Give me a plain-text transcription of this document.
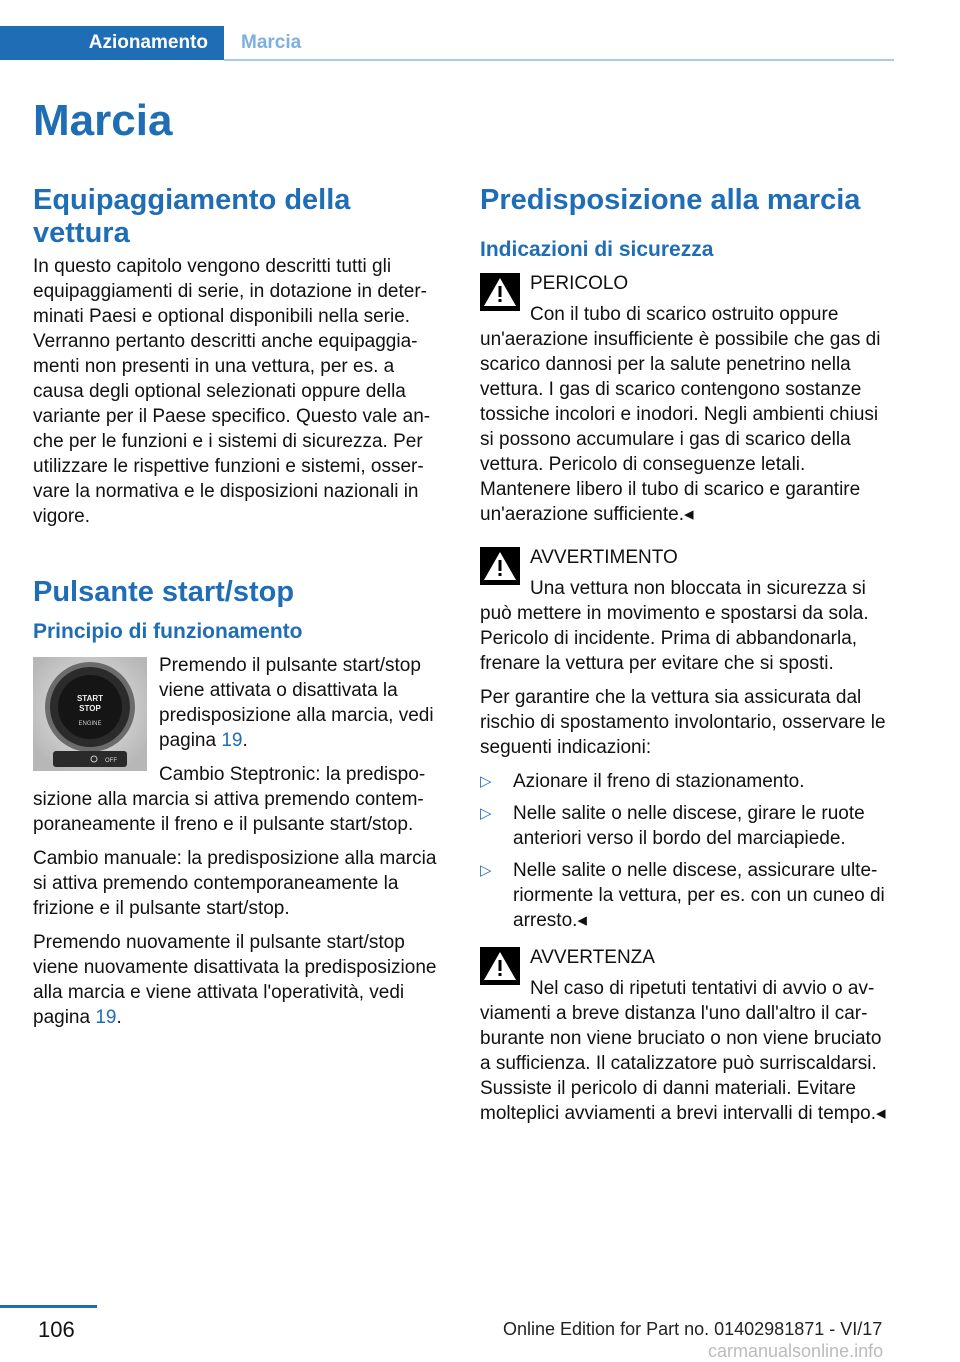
Azionamento	Marcia
Marcia
Equipaggiamento della vettura

In questo capitolo vengono descritti tutti gli equipaggiamenti di serie, in dotazione in determinati Paesi e optional disponibili nella serie. Verranno pertanto descritti anche equipaggiamenti non presenti in una vettura, per es. a causa degli optional selezionati oppure della variante per il Paese specifico. Questo vale anche per le funzioni e i sistemi di sicurezza. Per utilizzare le rispettive funzioni e sistemi, osservare la normativa e le disposizioni nazionali in vigore.

Pulsante start/stop
Principio di funzionamento
START
STOP
ENGINE
OFF

Premendo il pulsante start/stop viene attivata o disattivata la predisposizione alla marcia, vedi pagina 19.

Cambio Steptronic: la predisposizione alla marcia si attiva premendo contemporaneamente il freno e il pulsante start/stop.

Cambio manuale: la predisposizione alla marcia si attiva premendo contemporaneamente la frizione e il pulsante start/stop.

Premendo nuovamente il pulsante start/stop viene nuovamente disattivata la predisposizione alla marcia e viene attivata l'operatività, vedi pagina 19.

Predisposizione alla marcia
Indicazioni di sicurezza
PERICOLO

Con il tubo di scarico ostruito oppure un'aerazione insufficiente è possibile che gas di scarico dannosi per la salute penetrino nella vettura. I gas di scarico contengono sostanze tossiche incolori e inodori. Negli ambienti chiusi si possono accumulare i gas di scarico della vettura. Pericolo di conseguenze letali. Mantenere libero il tubo di scarico e garantire un'aerazione sufficiente.◂

AVVERTIMENTO

Una vettura non bloccata in sicurezza si può mettere in movimento e spostarsi da sola. Pericolo di incidente. Prima di abbandonarla, frenare la vettura per evitare che si sposti.

Per garantire che la vettura sia assicurata dal rischio di spostamento involontario, osservare le seguenti indicazioni:

▷ Azionare il freno di stazionamento.
▷ Nelle salite o nelle discese, girare le ruote anteriori verso il bordo del marciapiede.
▷ Nelle salite o nelle discese, assicurare ulteriormente la vettura, per es. con un cuneo di arresto.◂
AVVERTENZA

Nel caso di ripetuti tentativi di avvio o avviamenti a breve distanza l'uno dall'altro il carburante non viene bruciato o non viene bruciato a sufficienza. Il catalizzatore può surriscaldarsi. Sussiste il pericolo di danni materiali. Evitare molteplici avviamenti a brevi intervalli di tempo.◂

106	Online Edition for Part no. 01402981871 - VI/17
carmanualsonline.info
